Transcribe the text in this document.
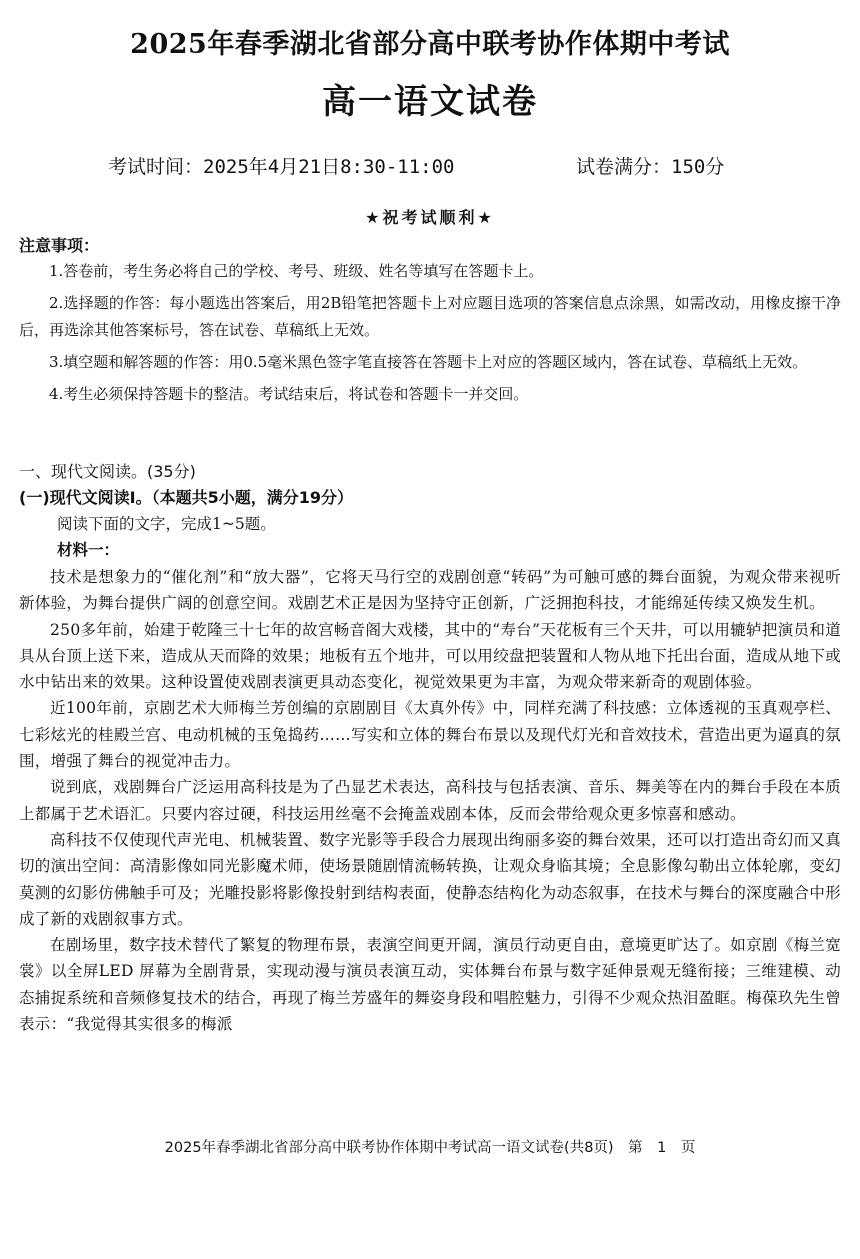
2025年春季湖北省部分高中联考协作体期中考试
高一语文试卷
考试时间：2025年4月21日8:30-11:00	试卷满分：150分
★祝考试顺利★
注意事项：

1.答卷前，考生务必将自己的学校、考号、班级、姓名等填写在答题卡上。

2.选择题的作答：每小题选出答案后，用2B铅笔把答题卡上对应题目选项的答案信息点涂黑，如需改动，用橡皮擦干净后，再选涂其他答案标号，答在试卷、草稿纸上无效。

3.填空题和解答题的作答：用0.5毫米黑色签字笔直接答在答题卡上对应的答题区域内，答在试卷、草稿纸上无效。

4.考生必须保持答题卡的整洁。考试结束后，将试卷和答题卡一并交回。

一、现代文阅读。(35分)
(一)现代文阅读Ⅰ。（本题共5小题，满分19分）
阅读下面的文字，完成1~5题。
材料一：

技术是想象力的“催化剂”和“放大器”，它将天马行空的戏剧创意“转码”为可触可感的舞台面貌，为观众带来视听新体验，为舞台提供广阔的创意空间。戏剧艺术正是因为坚持守正创新，广泛拥抱科技，才能绵延传续又焕发生机。

250多年前，始建于乾隆三十七年的故宫畅音阁大戏楼，其中的“寿台”天花板有三个天井，可以用辘轳把演员和道具从台顶上送下来，造成从天而降的效果；地板有五个地井，可以用绞盘把装置和人物从地下托出台面，造成从地下或水中钻出来的效果。这种设置使戏剧表演更具动态变化，视觉效果更为丰富，为观众带来新奇的观剧体验。

近100年前，京剧艺术大师梅兰芳创编的京剧剧目《太真外传》中，同样充满了科技感：立体透视的玉真观亭栏、七彩炫光的桂殿兰宫、电动机械的玉兔捣药……写实和立体的舞台布景以及现代灯光和音效技术，营造出更为逼真的氛围，增强了舞台的视觉冲击力。

说到底，戏剧舞台广泛运用高科技是为了凸显艺术表达，高科技与包括表演、音乐、舞美等在内的舞台手段在本质上都属于艺术语汇。只要内容过硬，科技运用丝毫不会掩盖戏剧本体，反而会带给观众更多惊喜和感动。

高科技不仅使现代声光电、机械装置、数字光影等手段合力展现出绚丽多姿的舞台效果，还可以打造出奇幻而又真切的演出空间：高清影像如同光影魔术师，使场景随剧情流畅转换，让观众身临其境；全息影像勾勒出立体轮廓，变幻莫测的幻影仿佛触手可及；光雕投影将影像投射到结构表面，使静态结构化为动态叙事，在技术与舞台的深度融合中形成了新的戏剧叙事方式。

在剧场里，数字技术替代了繁复的物理布景，表演空间更开阔，演员行动更自由，意境更旷达了。如京剧《梅兰宽裳》以全屏LED 屏幕为全剧背景，实现动漫与演员表演互动，实体舞台布景与数字延伸景观无缝衔接；三维建模、动态捕捉系统和音频修复技术的结合，再现了梅兰芳盛年的舞姿身段和唱腔魅力，引得不少观众热泪盈眶。梅葆玖先生曾表示：“我觉得其实很多的梅派

2025年春季湖北省部分高中联考协作体期中考试高一语文试卷(共8页)　第　1　页
